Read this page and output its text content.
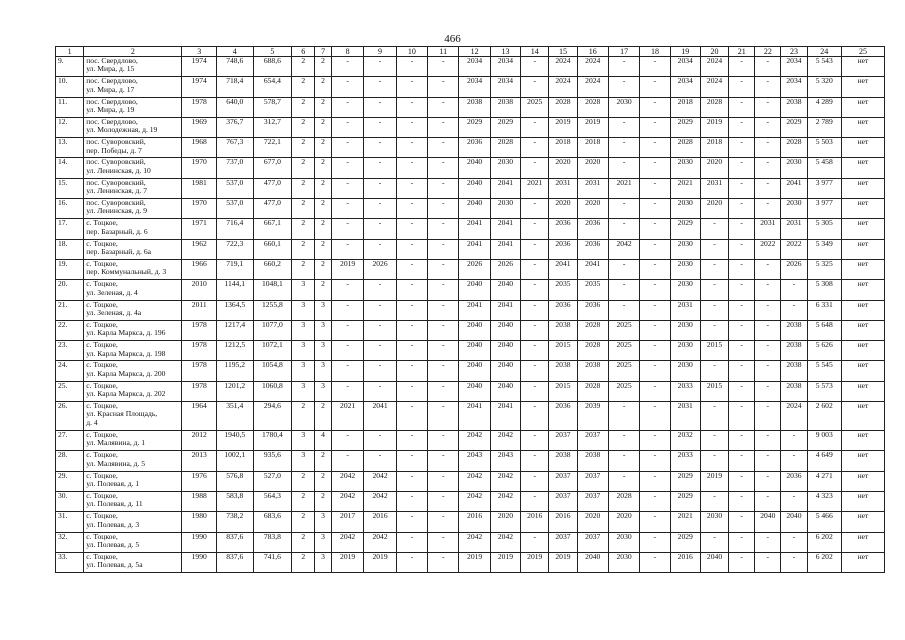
466
1	2	3	4	5	6	7	8	9	10	11	12	13	14	15	16	17	18	19	20	21	22	23	24	25
9.	пос. Свердлово,
ул. Мира, д. 15	1974	748,6	688,6	2	2	-	-	-	-	2034	2034	-	2024	2024	-	-	2034	2024	-	-	2034	5 543	нет
10.	пос. Свердлово,
ул. Мира, д. 17	1974	718,4	654,4	2	2	-	-	-	-	2034	2034	-	2024	2024	-	-	2034	2024	-	-	2034	5 320	нет
11.	пос. Свердлово,
ул. Мира, д. 19	1978	640,0	578,7	2	2	-	-	-	-	2038	2038	2025	2028	2028	2030	-	2018	2028	-	-	2038	4 289	нет
12.	пос. Свердлово,
ул. Молодежная, д. 19	1969	376,7	312,7	2	2	-	-	-	-	2029	2029	-	2019	2019	-	-	2029	2019	-	-	2029	2 789	нет
13.	пос. Суворовский,
пер. Победы, д. 7	1968	767,3	722,1	2	2	-	-	-	-	2036	2028	-	2018	2018	-	-	2028	2018	-	-	2028	5 503	нет
14.	пос. Суворовский,
ул. Ленинская, д. 10	1970	737,0	677,0	2	2	-	-	-	-	2040	2030	-	2020	2020	-	-	2030	2020	-	-	2030	5 458	нет
15.	пос. Суворовский,
ул. Ленинская, д. 7	1981	537,0	477,0	2	2	-	-	-	-	2040	2041	2021	2031	2031	2021	-	2021	2031	-	-	2041	3 977	нет
16.	пос. Суворовский,
ул. Ленинская, д. 9	1970	537,0	477,0	2	2	-	-	-	-	2040	2030	-	2020	2020	-	-	2030	2020	-	-	2030	3 977	нет
17.	с. Тоцкое,
пер. Базарный, д. 6	1971	716,4	667,1	2	2	-	-	-	-	2041	2041	-	2036	2036	-	-	2029	-	-	2031	2031	5 305	нет
18.	с. Тоцкое,
пер. Базарный, д. 6а	1962	722,3	660,1	2	2	-	-	-	-	2041	2041	-	2036	2036	2042	-	2030	-	-	2022	2022	5 349	нет
19.	с. Тоцкое,
пер. Коммунальный, д. 3	1966	719,1	660,2	2	2	2019	2026	-	-	2026	2026	-	2041	2041	-	-	2030	-	-	-	2026	5 325	нет
20.	с. Тоцкое,
ул. Зеленая, д. 4	2010	1144,1	1048,1	3	2	-	-	-	-	2040	2040	-	2035	2035	-	-	2030	-	-	-	-	5 308	нет
21.	с. Тоцкое,
ул. Зеленая, д. 4а	2011	1364,5	1255,8	3	3	-	-	-	-	2041	2041	-	2036	2036	-	-	2031	-	-	-	-	6 331	нет
22.	с. Тоцкое,
ул. Карла Маркса, д. 196	1978	1217,4	1077,0	3	3	-	-	-	-	2040	2040	-	2038	2028	2025	-	2030	-	-	-	2038	5 648	нет
23.	с. Тоцкое,
ул. Карла Маркса, д. 198	1978	1212,5	1072,1	3	3	-	-	-	-	2040	2040	-	2015	2028	2025	-	2030	2015	-	-	2038	5 626	нет
24.	с. Тоцкое,
ул. Карла Маркса, д. 200	1978	1195,2	1054,8	3	3	-	-	-	-	2040	2040	-	2038	2038	2025	-	2030	-	-	-	2038	5 545	нет
25.	с. Тоцкое,
ул. Карла Маркса, д. 202	1978	1201,2	1060,8	3	3	-	-	-	-	2040	2040	-	2015	2028	2025	-	2033	2015	-	-	2038	5 573	нет
26.	с. Тоцкое,
ул. Красная Площадь,
д. 4	1964	351,4	294,6	2	2	2021	2041	-	-	2041	2041	-	2036	2039	-	-	2031	-	-	-	2024	2 602	нет
27.	с. Тоцкое,
ул. Малявина, д. 1	2012	1940,5	1780,4	3	4	-	-	-	-	2042	2042	-	2037	2037	-	-	2032	-	-	-	-	9 003	нет
28.	с. Тоцкое,
ул. Малявина, д. 5	2013	1002,1	935,6	3	2	-	-	-	-	2043	2043	-	2038	2038	-	-	2033	-	-	-	-	4 649	нет
29.	с. Тоцкое,
ул. Полевая, д. 1	1976	576,8	527,0	2	2	2042	2042	-	-	2042	2042	-	2037	2037	-	-	2029	2019	-	-	2036	4 271	нет
30.	с. Тоцкое,
ул. Полевая, д. 11	1988	583,8	564,3	2	2	2042	2042	-	-	2042	2042	-	2037	2037	2028	-	2029	-	-	-	-	4 323	нет
31.	с. Тоцкое,
ул. Полевая, д. 3	1980	738,2	683,6	2	3	2017	2016	-	-	2016	2020	2016	2016	2020	2020	-	2021	2030	-	2040	2040	5 466	нет
32.	с. Тоцкое,
ул. Полевая, д. 5	1990	837,6	783,8	2	3	2042	2042	-	-	2042	2042	-	2037	2037	2030	-	2029	-	-	-	-	6 202	нет
33.	с. Тоцкое,
ул. Полевая, д. 5а	1990	837,6	741,6	2	3	2019	2019	-	-	2019	2019	2019	2019	2040	2030	-	2016	2040	-	-	-	6 202	нет
